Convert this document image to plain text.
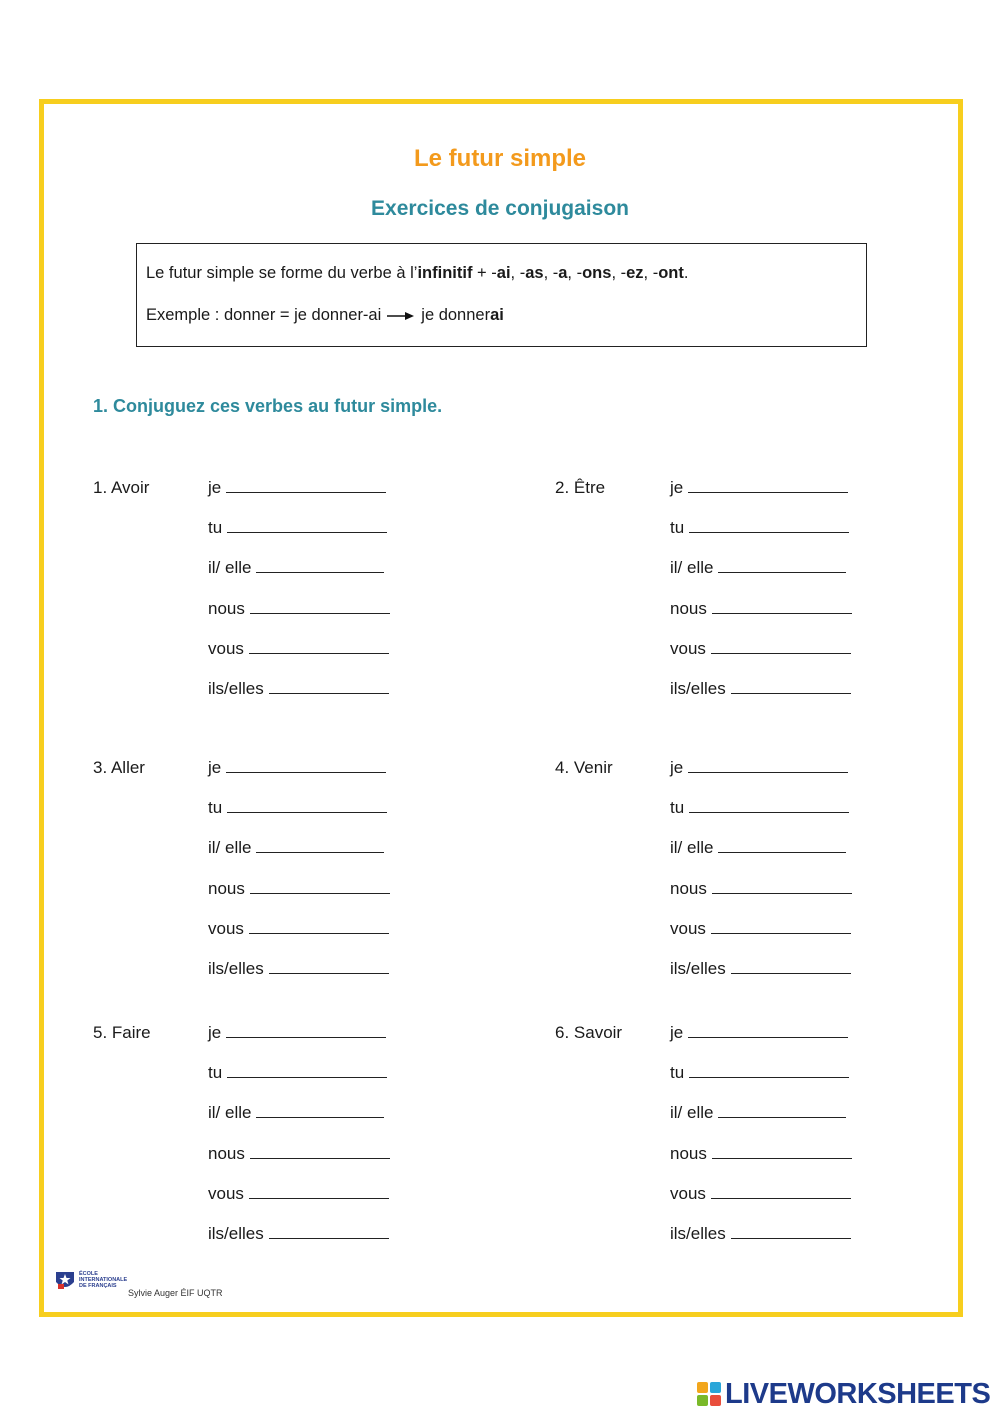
Le futur simple
Exercices de conjugaison
Le futur simple se forme du verbe à l’infinitif + -ai, -as, -a, -ons, -ez, -ont.
Exemple : donner = je donner-ai je donnerai
1. Conjuguez ces verbes au futur simple.
1. Avoir	je
tu
il/ elle
nous
vous
ils/elles
2. Être	je
tu
il/ elle
nous
vous
ils/elles
3. Aller	je
tu
il/ elle
nous
vous
ils/elles
4. Venir	je
tu
il/ elle
nous
vous
ils/elles
5. Faire	je
tu
il/ elle
nous
vous
ils/elles
6. Savoir	je
tu
il/ elle
nous
vous
ils/elles
ÉCOLE INTERNATIONALE DE FRANÇAIS
Sylvie Auger ÉIF UQTR
LIVEWORKSHEETS
